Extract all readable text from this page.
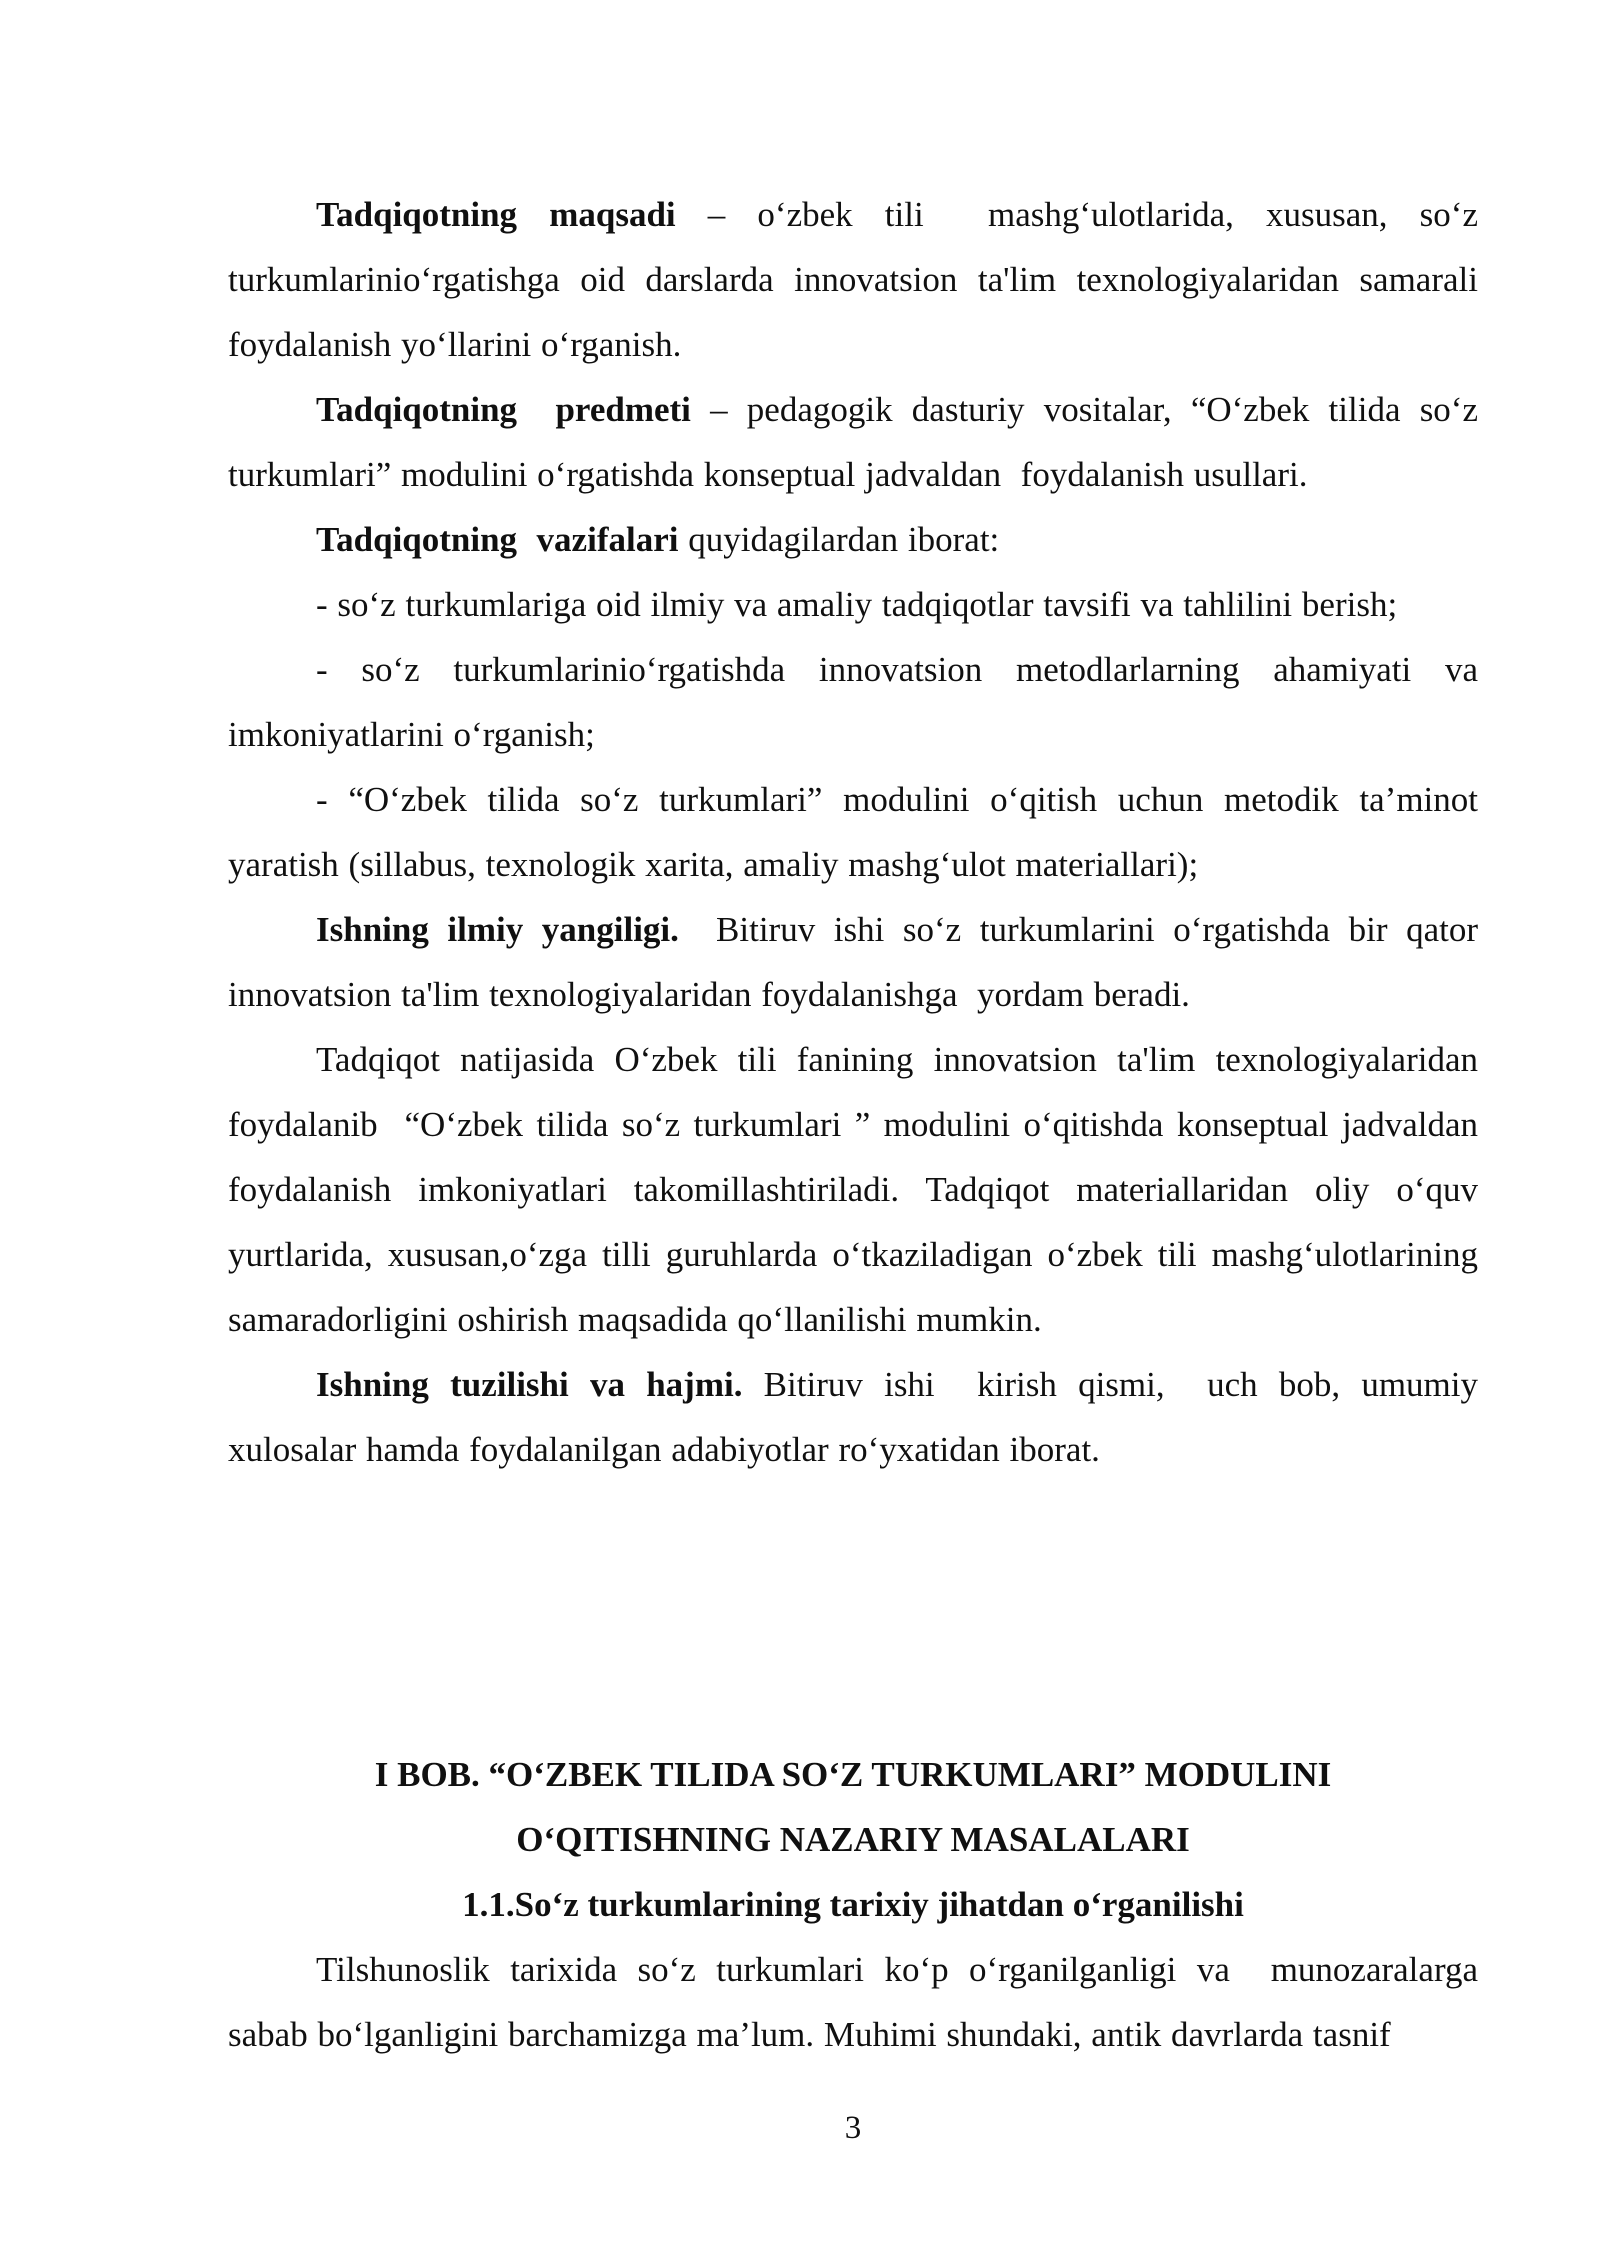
Tadqiqotning maqsadi – oʻzbek tili  mashgʻulotlarida, xususan, soʻz turkumlarinioʻrgatishga oid darslarda innovatsion ta'lim texnologiyalaridan samarali foydalanish yoʻllarini oʻrganish.

Tadqiqotning  predmeti – pedagogik dasturiy vositalar, “Oʻzbek tilida soʻz turkumlari” modulini oʻrgatishda konseptual jadvaldan  foydalanish usullari.

Tadqiqotning  vazifalari quyidagilardan iborat:

- soʻz turkumlariga oid ilmiy va amaliy tadqiqotlar tavsifi va tahlilini berish;

- soʻz turkumlarinioʻrgatishda innovatsion metodlarlarning ahamiyati va imkoniyatlarini oʻrganish;

- “Oʻzbek tilida soʻz turkumlari” modulini oʻqitish uchun metodik ta’minot yaratish (sillabus, texnologik xarita, amaliy mashgʻulot materiallari);

Ishning ilmiy yangiligi.  Bitiruv ishi soʻz turkumlarini oʻrgatishda bir qator innovatsion ta'lim texnologiyalaridan foydalanishga  yordam beradi.

Tadqiqot natijasida Oʻzbek tili fanining innovatsion ta'lim texnologiyalaridan foydalanib  “Oʻzbek tilida soʻz turkumlari ” modulini oʻqitishda konseptual jadvaldan foydalanish imkoniyatlari takomillashtiriladi. Tadqiqot materiallaridan oliy oʻquv yurtlarida, xususan,oʻzga tilli guruhlarda oʻtkaziladigan oʻzbek tili mashgʻulotlarining samaradorligini oshirish maqsadida qoʻllanilishi mumkin.

Ishning tuzilishi va hajmi. Bitiruv ishi  kirish qismi,  uch bob, umumiy xulosalar hamda foydalanilgan adabiyotlar roʻyxatidan iborat.

I BOB. “OʻZBEK TILIDA SOʻZ TURKUMLARI” MODULINI
OʻQITISHNING NAZARIY MASALALARI
1.1.Soʻz turkumlarining tarixiy jihatdan oʻrganilishi

Tilshunoslik tarixida soʻz turkumlari koʻp oʻrganilganligi va  munozaralarga sabab boʻlganligini barchamizga ma’lum. Muhimi shundaki, antik davrlarda tasnif

3
